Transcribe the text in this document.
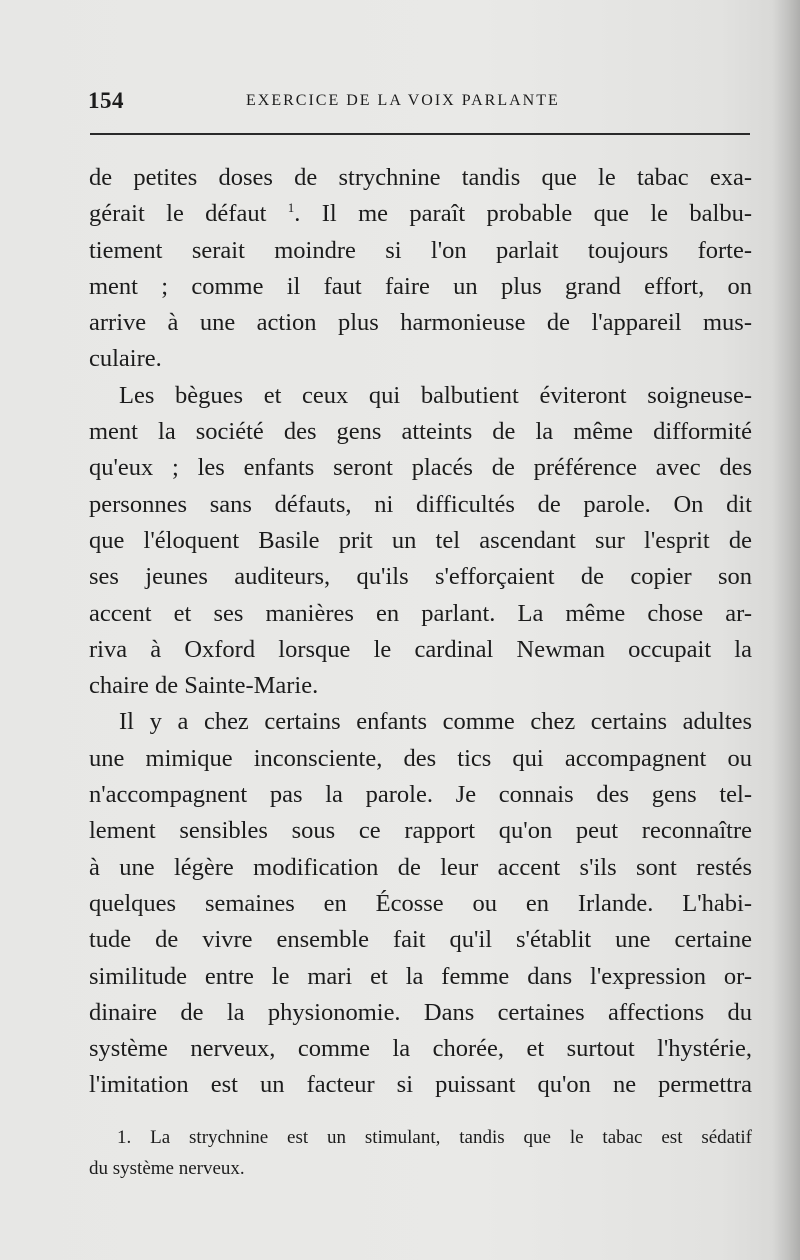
154	EXERCICE DE LA VOIX PARLANTE
de petites doses de strychnine tandis que le tabac exa-
gérait le défaut $^1$. Il me paraît probable que le balbu-
tiement serait moindre si l'on parlait toujours forte-
ment ; comme il faut faire un plus grand effort, on
arrive à une action plus harmonieuse de l'appareil mus-
culaire.
Les bègues et ceux qui balbutient éviteront soigneuse-
ment la société des gens atteints de la même difformité
qu'eux ; les enfants seront placés de préférence avec des
personnes sans défauts, ni difficultés de parole. On dit
que l'éloquent Basile prit un tel ascendant sur l'esprit de
ses jeunes auditeurs, qu'ils s'efforçaient de copier son
accent et ses manières en parlant. La même chose ar-
riva à Oxford lorsque le cardinal Newman occupait la
chaire de Sainte-Marie.
Il y a chez certains enfants comme chez certains adultes
une mimique inconsciente, des tics qui accompagnent ou
n'accompagnent pas la parole. Je connais des gens tel-
lement sensibles sous ce rapport qu'on peut reconnaître
à une légère modification de leur accent s'ils sont restés
quelques semaines en Écosse ou en Irlande. L'habi-
tude de vivre ensemble fait qu'il s'établit une certaine
similitude entre le mari et la femme dans l'expression or-
dinaire de la physionomie. Dans certaines affections du
système nerveux, comme la chorée, et surtout l'hystérie,
l'imitation est un facteur si puissant qu'on ne permettra
1. La strychnine est un stimulant, tandis que le tabac est sédatif
du système nerveux.
